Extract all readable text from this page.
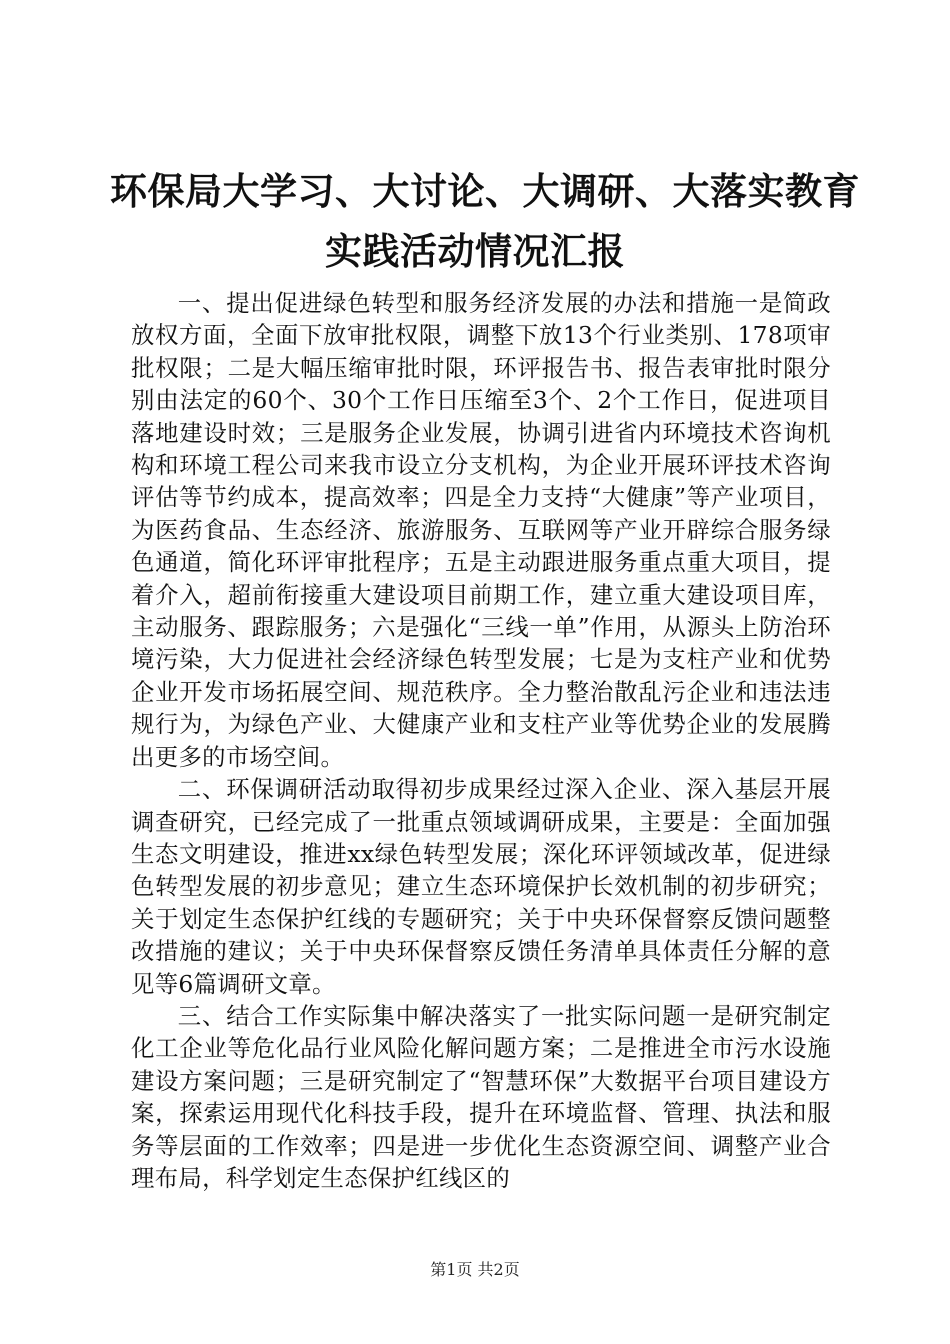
环保局大学习、大讨论、大调研、大落实教育
实践活动情况汇报

一、提出促进绿色转型和服务经济发展的办法和措施一是简政放权方面，全面下放审批权限，调整下放13个行业类别、178项审批权限；二是大幅压缩审批时限，环评报告书、报告表审批时限分别由法定的60个、30个工作日压缩至3个、2个工作日，促进项目落地建设时效；三是服务企业发展，协调引进省内环境技术咨询机构和环境工程公司来我市设立分支机构，为企业开展环评技术咨询评估等节约成本，提高效率；四是全力支持“大健康”等产业项目，为医药食品、生态经济、旅游服务、互联网等产业开辟综合服务绿色通道，简化环评审批程序；五是主动跟进服务重点重大项目，提着介入，超前衔接重大建设项目前期工作，建立重大建设项目库，主动服务、跟踪服务；六是强化“三线一单”作用，从源头上防治环境污染，大力促进社会经济绿色转型发展；七是为支柱产业和优势企业开发市场拓展空间、规范秩序。全力整治散乱污企业和违法违规行为，为绿色产业、大健康产业和支柱产业等优势企业的发展腾出更多的市场空间。

二、环保调研活动取得初步成果经过深入企业、深入基层开展调查研究，已经完成了一批重点领域调研成果，主要是：全面加强生态文明建设，推进xx绿色转型发展；深化环评领域改革，促进绿色转型发展的初步意见；建立生态环境保护长效机制的初步研究；关于划定生态保护红线的专题研究；关于中央环保督察反馈问题整改措施的建议；关于中央环保督察反馈任务清单具体责任分解的意见等6篇调研文章。

三、结合工作实际集中解决落实了一批实际问题一是研究制定化工企业等危化品行业风险化解问题方案；二是推进全市污水设施建设方案问题；三是研究制定了“智慧环保”大数据平台项目建设方案，探索运用现代化科技手段，提升在环境监督、管理、执法和服务等层面的工作效率；四是进一步优化生态资源空间、调整产业合理布局，科学划定生态保护红线区的

第1页 共2页
